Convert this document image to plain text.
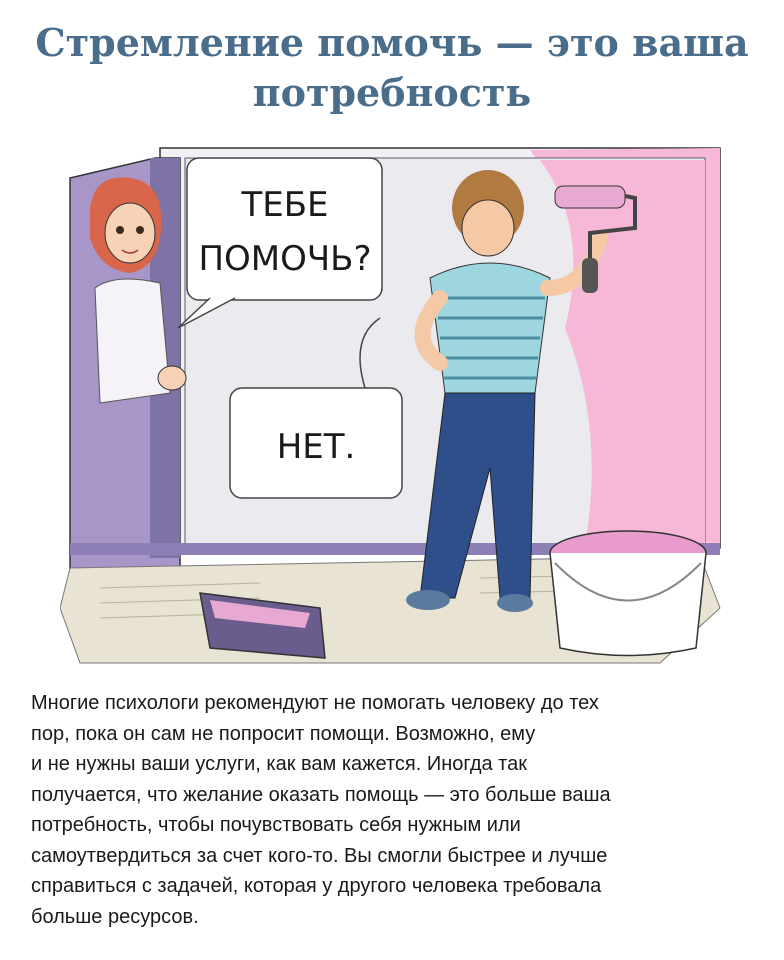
Стремление помочь — это ваша
потребность
ТЕБЕ
ПОМОЧЬ?
НЕТ.

Многие психологи рекомендуют не помогать человеку до тех
пор, пока он сам не попросит помощи. Возможно, ему
и не нужны ваши услуги, как вам кажется. Иногда так
получается, что желание оказать помощь — это больше ваша
потребность, чтобы почувствовать себя нужным или
самоутвердиться за счет кого-то. Вы смогли быстрее и лучше
справиться с задачей, которая у другого человека требовала
больше ресурсов.
